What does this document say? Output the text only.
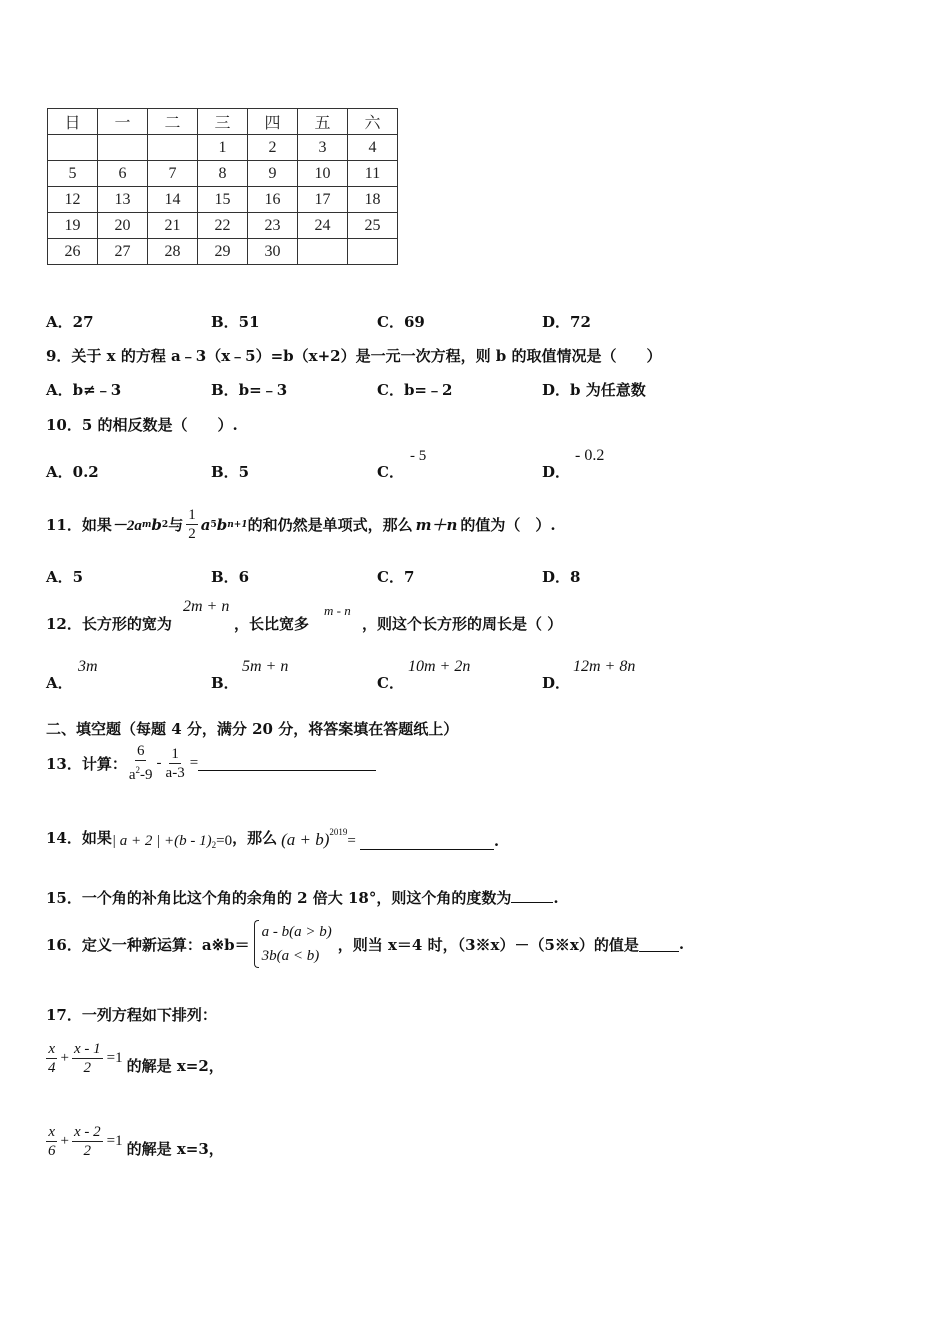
日	一	二	三	四	五	六
			1	2	3	4
5	6	7	8	9	10	11
12	13	14	15	16	17	18
19	20	21	22	23	24	25
26	27	28	29	30		
A．27	B．51	C．69	D．72
9．关于 x 的方程 a﹣3（x﹣5）=b（x+2）是一元一次方程，则 b 的取值情况是（　　）
A．b≠﹣3	B．b=﹣3	C．b=﹣2	D．b 为任意数
10．5 的相反数是（　　）.
A．0.2	B．5	C．
- 5
D．
- 0.2
11．如果 －2a m b 2 与 $\frac{1}{2}$ a 5 b n+1 的和仍然是单项式，那么 m＋n 的值为（　）.
A．5	B．6	C．7	D．8
12．长方形的宽为
2m + n
，长比宽多
m - n
，则这个长方形的周长是（ ）
A．
3m
B．
5m + n
C．
10m + 2n
D．
12m + 8n
二、填空题（每题 4 分，满分 20 分，将答案填在答题纸上）
13．计算： $\frac{6}{a^2-9} - \frac{1}{a-3}$ =
14．如果 | a + 2 | $+(b - 1)_2 =0$ ，那么 $(a + b)^{2019}$
=	.
15．一个角的补角比这个角的余角的 2 倍大 18°，则这个角的度数为	.
16．定义一种新运算：a※b＝
a - b(a > b)
3b(a < b)
，则当 x＝4 时，（3※x）－（5※x）的值是	.
17．一列方程如下排列：
$\frac{x}{4} + \frac{x - 1}{2} =1$ 的解是 x=2，
$\frac{x}{6} + \frac{x - 2}{2} =1$ 的解是 x=3，
